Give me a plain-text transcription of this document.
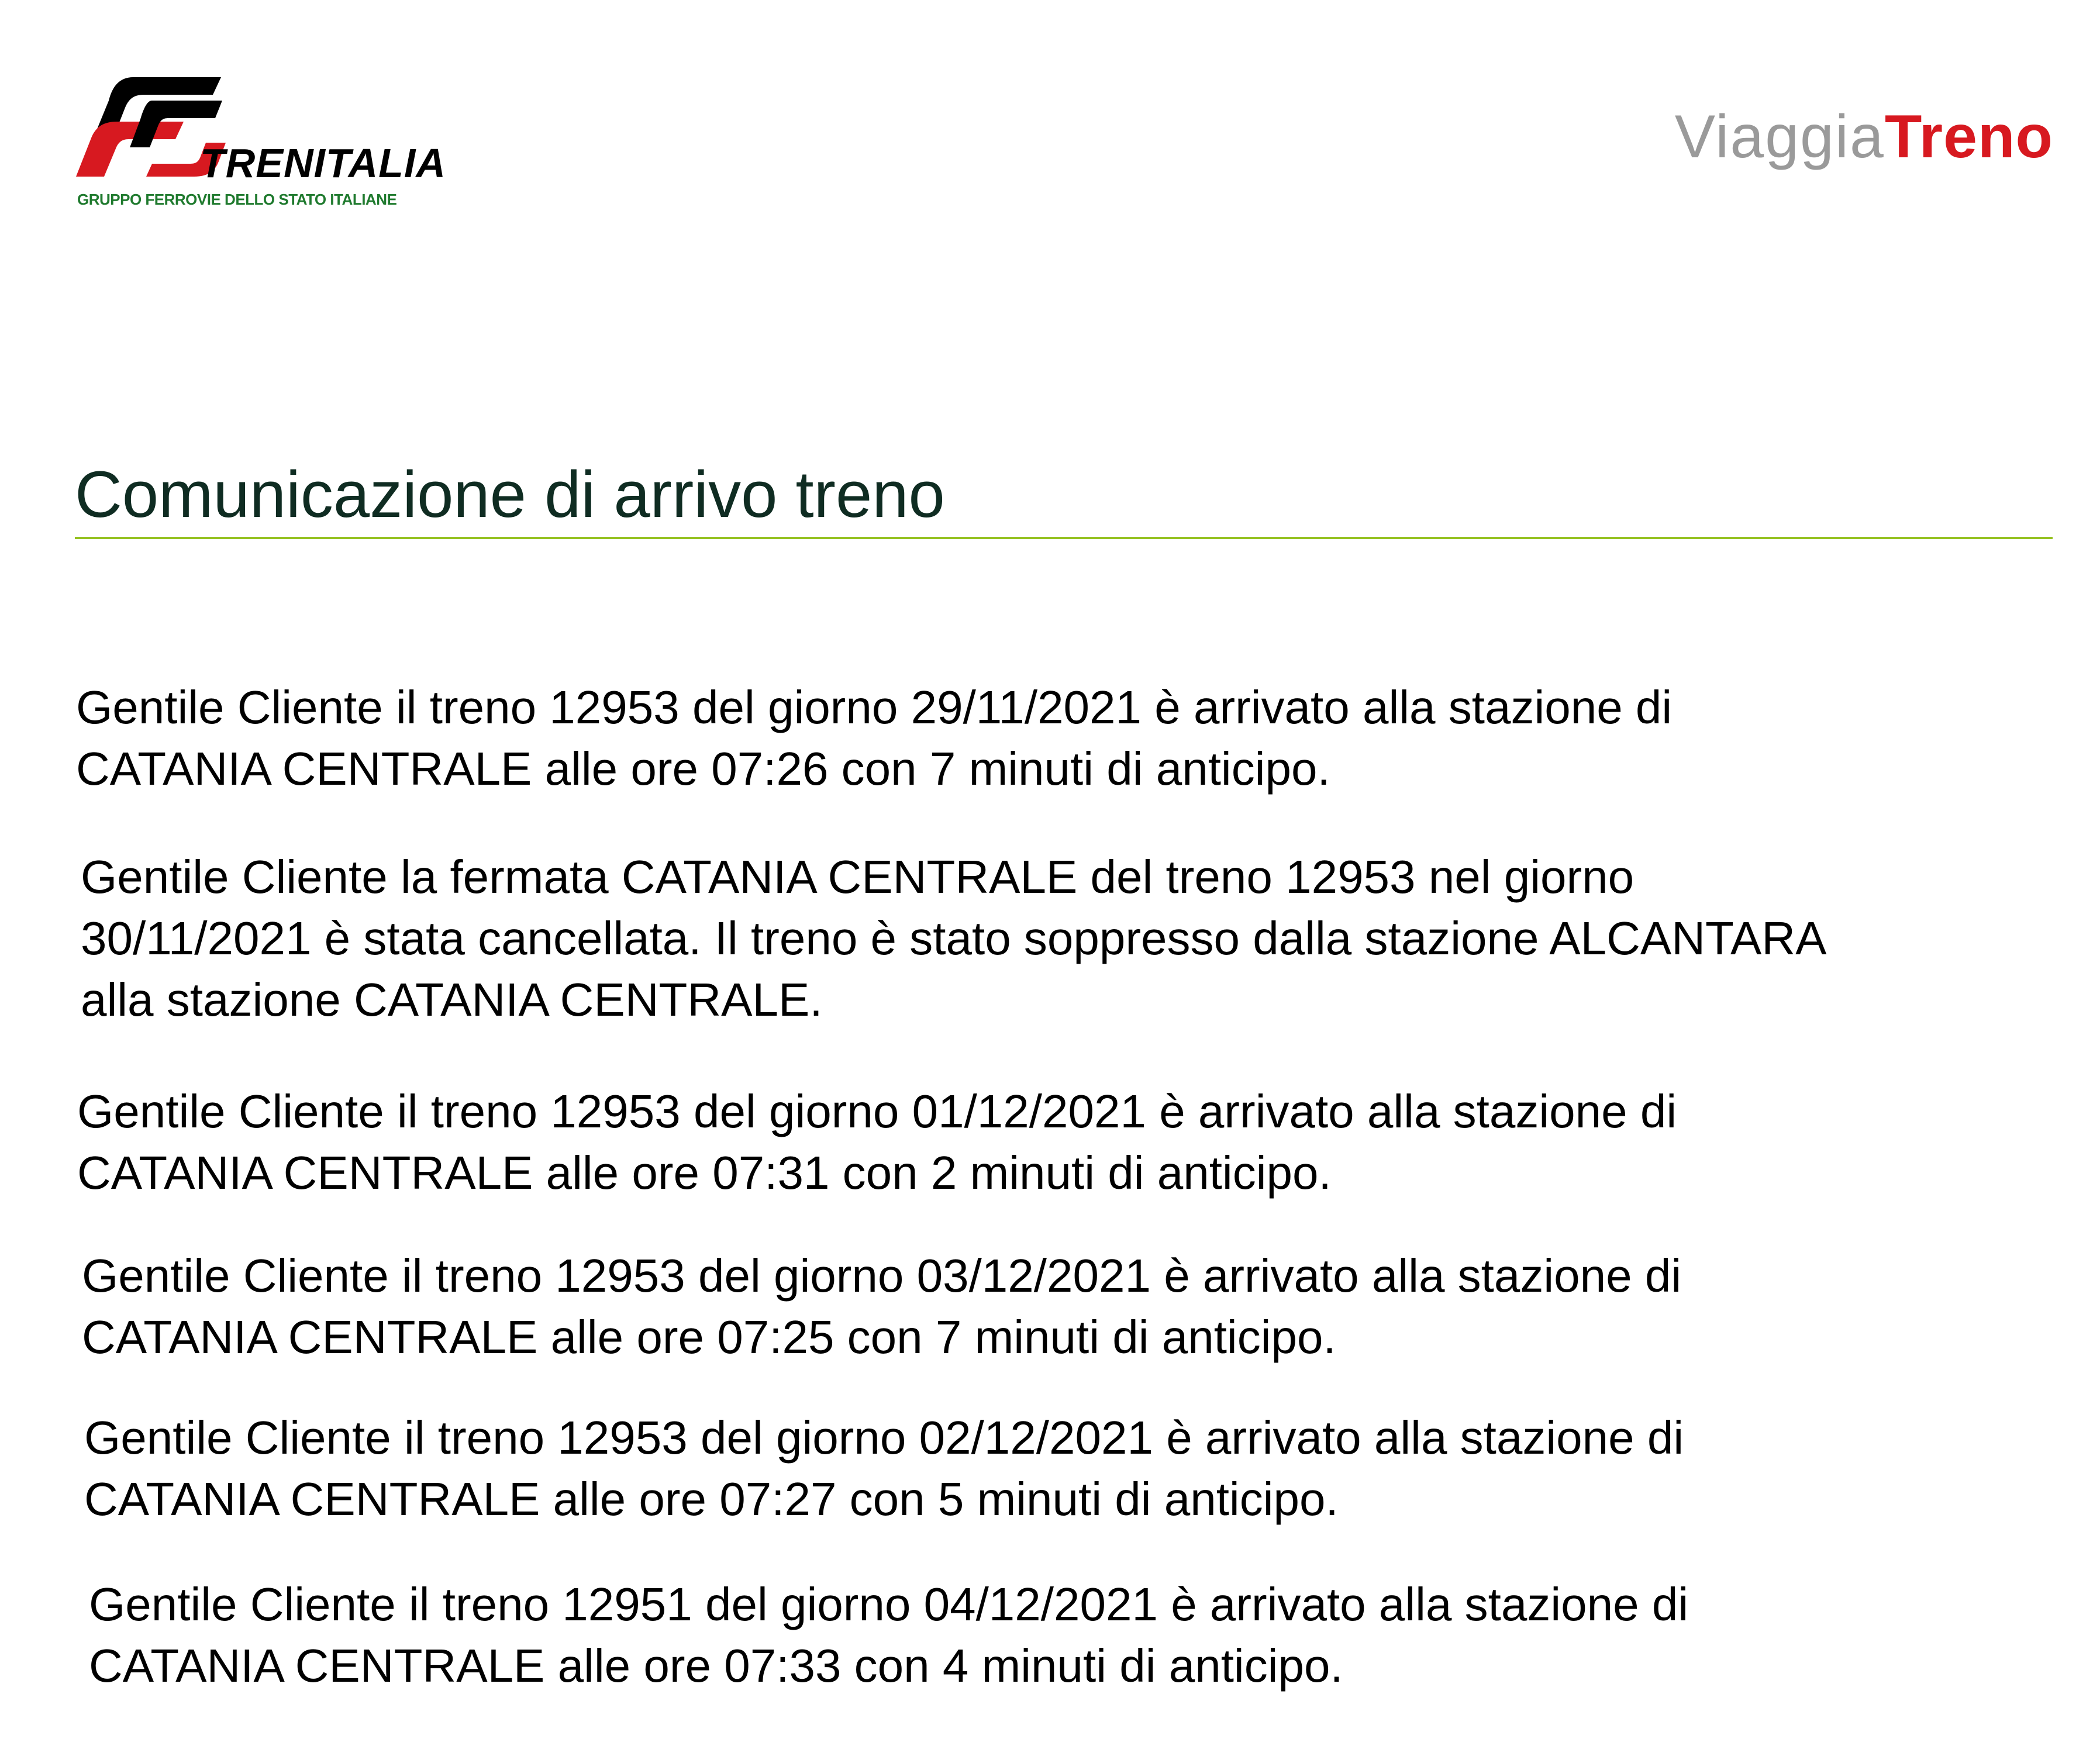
TRENITALIA
GRUPPO FERROVIE DELLO STATO ITALIANE
ViaggiaTreno
Comunicazione di arrivo treno
Gentile Cliente il treno 12953 del giorno 29/11/2021 è arrivato alla stazione di
CATANIA CENTRALE alle ore 07:26 con 7 minuti di anticipo.
Gentile Cliente la fermata CATANIA CENTRALE del treno 12953 nel giorno
30/11/2021 è stata cancellata. Il treno è stato soppresso dalla stazione ALCANTARA
alla stazione CATANIA CENTRALE.
Gentile Cliente il treno 12953 del giorno 01/12/2021 è arrivato alla stazione di
CATANIA CENTRALE alle ore 07:31 con 2 minuti di anticipo.
Gentile Cliente il treno 12953 del giorno 03/12/2021 è arrivato alla stazione di
CATANIA CENTRALE alle ore 07:25 con 7 minuti di anticipo.
Gentile Cliente il treno 12953 del giorno 02/12/2021 è arrivato alla stazione di
CATANIA CENTRALE alle ore 07:27 con 5 minuti di anticipo.
Gentile Cliente il treno 12951 del giorno 04/12/2021 è arrivato alla stazione di
CATANIA CENTRALE alle ore 07:33 con 4 minuti di anticipo.
